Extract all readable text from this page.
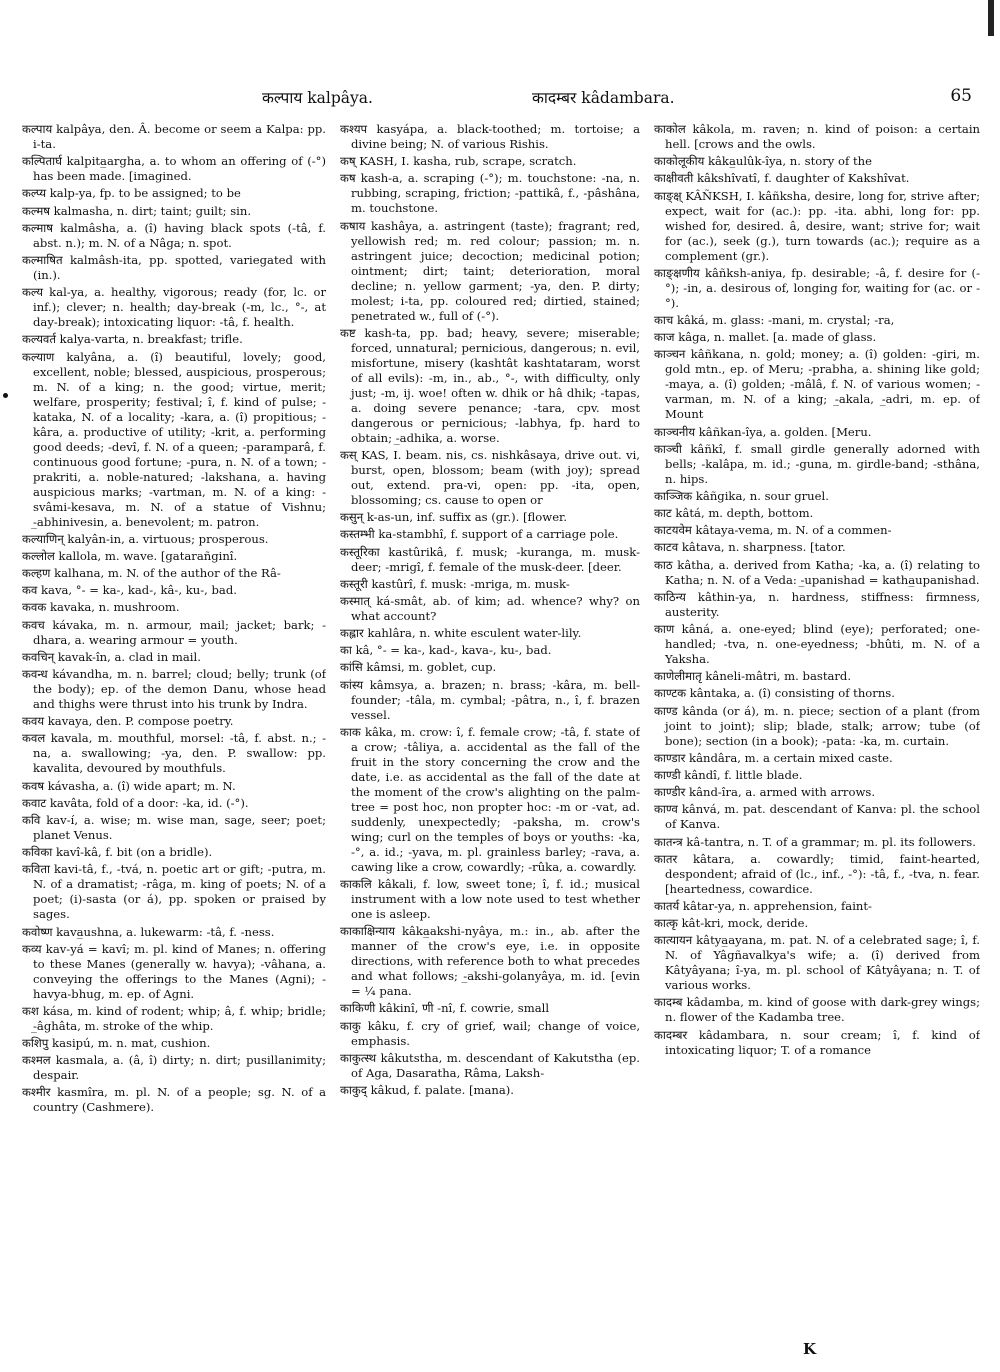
कल्पाय kalpâya.	कादम्बर kâdambara.	65
कल्पाय kalpâya, den. Â. become or seem a Kalpa: pp. i-ta.
कल्पितार्घ kalpita̲argha, a. to whom an offering of (-°) has been made. [imagined.
कल्प्य kalp-ya, fp. to be assigned; to be
कल्मष kalmasha, n. dirt; taint; guilt; sin.
कल्माष kalmâsha, a. (î) having black spots (-tâ, f. abst. n.); m. N. of a Nâga; n. spot.
कल्माषित kalmâsh-ita, pp. spotted, variegated with (in.).
कल्य kal-ya, a. healthy, vigorous; ready (for, lc. or inf.); clever; n. health; day-break (-m, lc., °-, at day-break); intoxicating liquor: -tâ, f. health.
कल्यवर्त kalya-varta, n. breakfast; trifle.
कल्याण kalyâna, a. (î) beautiful, lovely; good, excellent, noble; blessed, auspicious, prosperous; m. N. of a king; n. the good; virtue, merit; welfare, prosperity; festival; î, f. kind of pulse; -kataka, N. of a locality; -kara, a. (î) propitious; -kâra, a. productive of utility; -krit, a. performing good deeds; -devî, f. N. of a queen; -paramparâ, f. continuous good fortune; -pura, n. N. of a town; -prakriti, a. noble-natured; -lakshana, a. having auspicious marks; -vartman, m. N. of a king: -svâmi-kesava, m. N. of a statue of Vishnu; -̲abhinivesin, a. benevolent; m. patron.
कल्याणिन् kalyân-in, a. virtuous; prosperous.
कल्लोल kallola, m. wave. [gatarañginî.
कल्हण kalhana, m. N. of the author of the Râ-
कव kava, °- = ka-, kad-, kâ-, ku-, bad.
कवक kavaka, n. mushroom.
कवच kávaka, m. n. armour, mail; jacket; bark; -dhara, a. wearing armour = youth.
कवचिन् kavak-în, a. clad in mail.
कवन्ध kávandha, m. n. barrel; cloud; belly; trunk (of the body); ep. of the demon Danu, whose head and thighs were thrust into his trunk by Indra.
कवय kavaya, den. P. compose poetry.
कवल kavala, m. mouthful, morsel: -tâ, f. abst. n.; -na, a. swallowing; -ya, den. P. swallow: pp. kavalita, devoured by mouthfuls.
कवष kávasha, a. (î) wide apart; m. N.
कवाट kavâta, fold of a door: -ka, id. (-°).
कवि kav-í, a. wise; m. wise man, sage, seer; poet; planet Venus.
कविका kavî-kâ, f. bit (on a bridle).
कविता kavi-tâ, f., -tvá, n. poetic art or gift; -putra, m. N. of a dramatist; -râga, m. king of poets; N. of a poet; (i)-sasta (or á), pp. spoken or praised by sages.
कवोष्ण kava̲ushna, a. lukewarm: -tâ, f. -ness.
कव्य kav-yá = kavî; m. pl. kind of Manes; n. offering to these Manes (generally w. havya); -vâhana, a. conveying the offerings to the Manes (Agni); -havya-bhug, m. ep. of Agni.
कश kása, m. kind of rodent; whip; â, f. whip; bridle; -̲âghâta, m. stroke of the whip.
कशिपु kasipú, m. n. mat, cushion.
कश्मल kasmala, a. (â, î) dirty; n. dirt; pusillanimity; despair.
कश्मीर kasmîra, m. pl. N. of a people; sg. N. of a country (Cashmere).
कश्यप kasyápa, a. black-toothed; m. tortoise; a divine being; N. of various Rishis.
कष् KASH, I. kasha, rub, scrape, scratch.
कष kash-a, a. scraping (-°); m. touchstone: -na, n. rubbing, scraping, friction; -pattikâ, f., -pâshâna, m. touchstone.
कषाय kashâya, a. astringent (taste); fragrant; red, yellowish red; m. red colour; passion; m. n. astringent juice; decoction; medicinal potion; ointment; dirt; taint; deterioration, moral decline; n. yellow garment; -ya, den. P. dirty; molest; i-ta, pp. coloured red; dirtied, stained; penetrated w., full of (-°).
कष्ट kash-ta, pp. bad; heavy, severe; miserable; forced, unnatural; pernicious, dangerous; n. evil, misfortune, misery (kashtât kashtataram, worst of all evils): -m, in., ab., °-, with difficulty, only just; -m, ij. woe! often w. dhik or hâ dhik; -tapas, a. doing severe penance; -tara, cpv. most dangerous or pernicious; -labhya, fp. hard to obtain; -̲adhika, a. worse.
कस् KAS, I. beam. nis, cs. nishkâsaya, drive out. vi, burst, open, blossom; beam (with joy); spread out, extend. pra-vi, open: pp. -ita, open, blossoming; cs. cause to open or
कसुन् k-as-un, inf. suffix as (gr.). [flower.
कस्तम्भी ka-stambhî, f. support of a carriage pole.
कस्तूरिका kastûrikâ, f. musk; -kuranga, m. musk-deer; -mrigî, f. female of the musk-deer. [deer.
कस्तूरी kastûrî, f. musk: -mriga, m. musk-
कस्मात् ká-smât, ab. of kim; ad. whence? why? on what account?
कह्लार kahlâra, n. white esculent water-lily.
का kâ, °- = ka-, kad-, kava-, ku-, bad.
कांसि kâmsi, m. goblet, cup.
कांस्य kâmsya, a. brazen; n. brass; -kâra, m. bell-founder; -tâla, m. cymbal; -pâtra, n., î, f. brazen vessel.
काक kâka, m. crow: î, f. female crow; -tâ, f. state of a crow; -tâliya, a. accidental as the fall of the fruit in the story concerning the crow and the date, i.e. as accidental as the fall of the date at the moment of the crow's alighting on the palm-tree = post hoc, non propter hoc: -m or -vat, ad. suddenly, unexpectedly; -paksha, m. crow's wing; curl on the temples of boys or youths: -ka, -°, a. id.; -yava, m. pl. grainless barley; -rava, a. cawing like a crow, cowardly; -rûka, a. cowardly.
काकलि kâkali, f. low, sweet tone; î, f. id.; musical instrument with a low note used to test whether one is asleep.
काकाक्षिन्याय kâka̲akshi-nyâya, m.: in., ab. after the manner of the crow's eye, i.e. in opposite directions, with reference both to what precedes and what follows; -̲akshi-golanyâya, m. id. [evin = ¼ pana.
काकिणी kâkinî, णी -nî, f. cowrie, small
काकु kâku, f. cry of grief, wail; change of voice, emphasis.
काकुत्स्थ kâkutstha, m. descendant of Kakutstha (ep. of Aga, Dasaratha, Râma, Laksh-
काकुद् kâkud, f. palate. [mana).
काकोल kâkola, m. raven; n. kind of poison: a certain hell. [crows and the owls.
काकोलूकीय kâka̲ulûk-îya, n. story of the
काक्षीवती kâkshîvatî, f. daughter of Kakshîvat.
काङ्क्ष् KÂÑKSH, I. kâñksha, desire, long for, strive after; expect, wait for (ac.): pp. -ita. abhi, long for: pp. wished for, desired. â, desire, want; strive for; wait for (ac.), seek (g.), turn towards (ac.); require as a complement (gr.).
काङ्क्षणीय kâñksh-aniya, fp. desirable; -â, f. desire for (-°); -in, a. desirous of, longing for, waiting for (ac. or -°).
काच kâká, m. glass: -mani, m. crystal; -ra,
काज kâga, n. mallet. [a. made of glass.
काञ्चन kâñkana, n. gold; money; a. (î) golden: -giri, m. gold mtn., ep. of Meru; -prabha, a. shining like gold; -maya, a. (î) golden; -mâlâ, f. N. of various women; -varman, m. N. of a king; -̲akala, -̲adri, m. ep. of Mount
काञ्चनीय kâñkan-îya, a. golden. [Meru.
काञ्ची kâñkî, f. small girdle generally adorned with bells; -kalâpa, m. id.; -guna, m. girdle-band; -sthâna, n. hips.
काञ्जिक kâñgika, n. sour gruel.
काट kâtá, m. depth, bottom.
काटयवेम kâtaya-vema, m. N. of a commen-
काटव kâtava, n. sharpness. [tator.
काठ kâtha, a. derived from Katha; -ka, a. (î) relating to Katha; n. N. of a Veda: -̲upanishad = katha̲upanishad.
काठिन्य kâthin-ya, n. hardness, stiffness: firmness, austerity.
काण kâná, a. one-eyed; blind (eye); perforated; one-handled; -tva, n. one-eyedness; -bhûti, m. N. of a Yaksha.
काणेलीमातृ kâneli-mâtri, m. bastard.
काण्टक kântaka, a. (î) consisting of thorns.
काण्ड kânda (or á), m. n. piece; section of a plant (from joint to joint); slip; blade, stalk; arrow; tube (of bone); section (in a book); -pata: -ka, m. curtain.
काण्डार kândâra, m. a certain mixed caste.
काण्डी kândî, f. little blade.
काण्डीर kând-îra, a. armed with arrows.
काण्व kânvá, m. pat. descendant of Kanva: pl. the school of Kanva.
कातन्त्र kâ-tantra, n. T. of a grammar; m. pl. its followers.
कातर kâtara, a. cowardly; timid, faint-hearted, despondent; afraid of (lc., inf., -°): -tâ, f., -tva, n. fear. [heartedness, cowardice.
कातर्य kâtar-ya, n. apprehension, faint-
कात्कृ kât-kri, mock, deride.
कात्यायन kâtya̲ayana, m. pat. N. of a celebrated sage; î, f. N. of Yâgñavalkya's wife; a. (î) derived from Kâtyâyana; î-ya, m. pl. school of Kâtyâyana; n. T. of various works.
कादम्ब kâdamba, m. kind of goose with dark-grey wings; n. flower of the Kadamba tree.
कादम्बर kâdambara, n. sour cream; î, f. kind of intoxicating liquor; T. of a romance
K
